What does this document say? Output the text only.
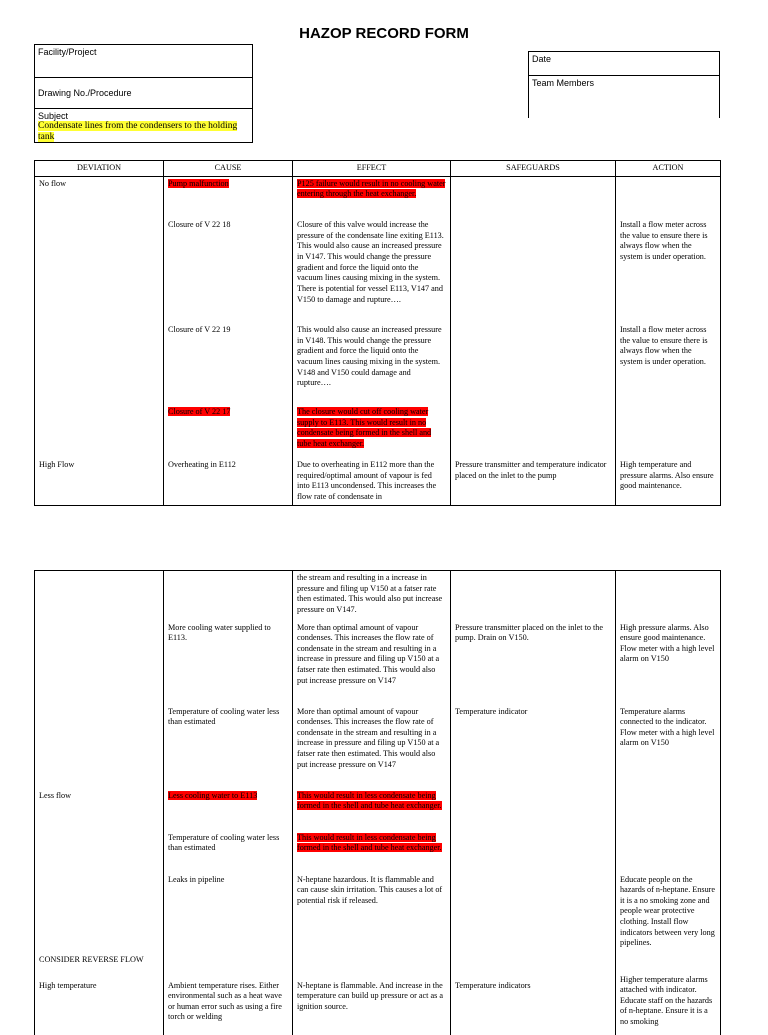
HAZOP RECORD FORM
Facility/Project
Drawing No./Procedure
Subject
Condensate lines from the condensers to the holding tank
Date
Team Members
DEVIATION	CAUSE	EFFECT	SAFEGUARDS	ACTION
No flow	Pump malfunction	P125 failure would result in no cooling water entering through the heat exchanger.		
	Closure of V 22 18	Closure of this valve would increase the pressure of the condensate line exiting E113. This would also cause an increased pressure in V147. This would change the pressure gradient and force the liquid onto the vacuum lines causing mixing in the system. There is potential for vessel E113, V147 and V150 to damage and rupture….		Install a flow meter across the value to ensure there is always flow when the system is under operation.
	Closure of V 22 19	This would also cause an increased pressure in V148. This would change the pressure gradient and force the liquid onto the vacuum lines causing mixing in the system. V148 and V150 could damage and rupture….		Install a flow meter across the value to ensure there is always flow when the system is under operation.
	Closure of V 22 17	The closure would cut off cooling water supply to E113. This would result in no condensate being formed in the shell and tube heat exchanger.		
High Flow	Overheating in E112	Due to overheating in E112 more than the required/optimal amount of vapour is fed into E113 uncondensed. This increases the flow rate of condensate in	Pressure transmitter and temperature indicator placed on the inlet to the pump	High temperature and pressure alarms. Also ensure good maintenance.
		the stream and resulting in a increase in pressure and filing up V150 at a fatser rate then estimated. This would also put increase pressure on V147.		
	More cooling water supplied to E113.	More than optimal amount of vapour condenses. This increases the flow rate of condensate in the stream and resulting in a increase in pressure and filing up V150 at a fatser rate then estimated. This would also put increase pressure on V147	Pressure transmitter placed on the inlet to the pump. Drain on V150.	High pressure alarms. Also ensure good maintenance. Flow meter with a high level alarm on V150
	Temperature of cooling water less than estimated	More than optimal amount of vapour condenses. This increases the flow rate of condensate in the stream and resulting in a increase in pressure and filing up V150 at a fatser rate then estimated. This would also put increase pressure on V147	Temperature indicator	Temperature alarms connected to the indicator. Flow meter with a high level alarm on V150
Less flow	Less cooling water to E113	This would result in less condensate being formed in the shell and tube heat exchanger.		
	Temperature of cooling water less than estimated	This would result in less condensate being formed in the shell and tube heat exchanger.		
	Leaks in pipeline	N-heptane hazardous. It is flammable and can cause skin irritation. This causes a lot of potential risk if released.		Educate people on the hazards of n-heptane. Ensure it is a no smoking zone and people wear protective clothing. Install flow indicators between very long pipelines.
CONSIDER REVERSE FLOW				
High temperature	Ambient temperature rises. Either environmental such as a heat wave or human error such as using a fire torch or welding	N-heptane is flammable. And increase in the temperature can build up pressure or act as a ignition source.	Temperature indicators	Higher temperature alarms attached with indicator. Educate staff on the hazards of n-heptane. Ensure it is a no smoking
